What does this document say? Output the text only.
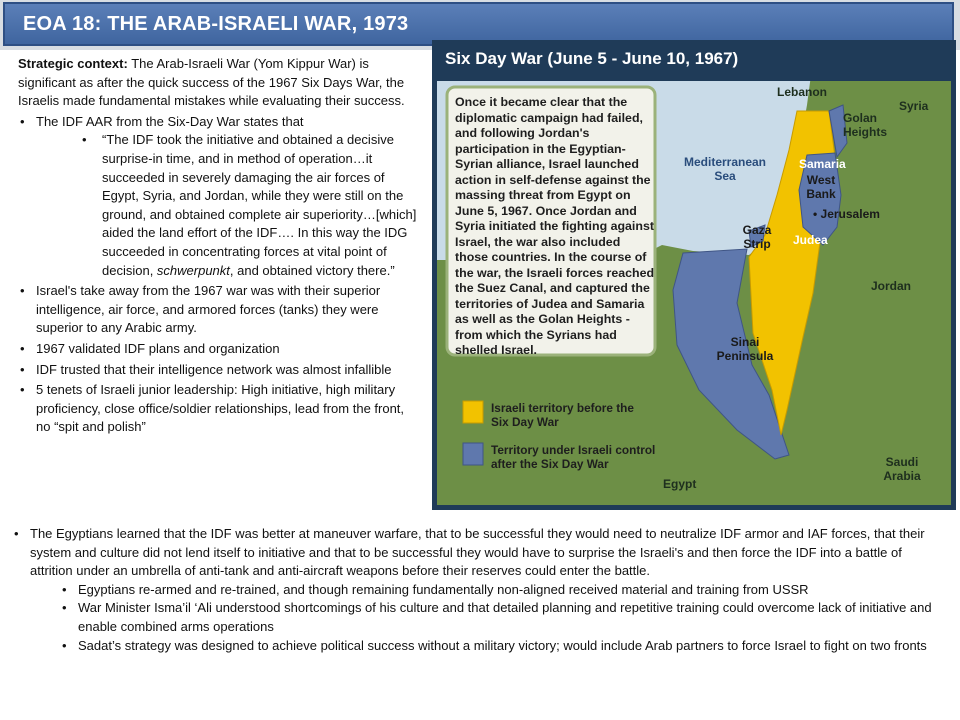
EOA 18: THE ARAB-ISRAELI WAR, 1973

Strategic context: The Arab-Israeli War (Yom Kippur War) is significant as after the quick success of the 1967 Six Days War, the Israelis made fundamental mistakes while evaluating their success.

• The IDF AAR from the Six-Day War states that
• “The IDF took the initiative and obtained a decisive surprise-in time, and in method of operation…it succeeded in severely damaging the air forces of Egypt, Syria, and Jordan, while they were still on the ground, and obtained complete air superiority…[which] aided the land effort of the IDF…. In this way the IDG succeeded in concentrating forces at vital point of decision, schwerpunkt, and obtained victory there.”
• Israel's take away from the 1967 war was with their superior intelligence, air force, and armored forces (tanks) they were superior to any Arabic army.
• 1967 validated IDF plans and organization
• IDF trusted that their intelligence network was almost infallible
• 5 tenets of Israeli junior leadership: High initiative, high military proficiency, close office/soldier relationships, lead from the front, no “spit and polish”
Six Day War (June 5 - June 10, 1967)
Once it became clear that the diplomatic campaign had failed, and following Jordan's participation in the Egyptian-Syrian alliance, Israel launched action in self-defense against the massing threat from Egypt on June 5, 1967. Once Jordan and Syria initiated the fighting against Israel, the war also included those countries. In the course of the war, the Israeli forces reached the Suez Canal, and captured the territories of Judea and Samaria as well as the Golan Heights - from which the Syrians had shelled Israel.
Lebanon
Syria
Golan Heights
Mediterranean Sea
Samaria
West Bank
• Jerusalem
Gaza Strip	Judea
Jordan
Sinai Peninsula
Saudi Arabia
Egypt
Israeli territory before the Six Day War
Territory under Israeli control after the Six Day War
• The Egyptians learned that the IDF was better at maneuver warfare, that to be successful they would need to neutralize IDF armor and IAF forces, that their system and culture did not lend itself to initiative and that to be successful they would have to surprise the Israeli's and then force the IDF into a battle of attrition under an umbrella of anti-tank and anti-aircraft weapons before their reserves could enter the battle.
• Egyptians re-armed and re-trained, and though remaining fundamentally non-aligned received material and training from USSR
• War Minister Isma’il ‘Ali understood shortcomings of his culture and that detailed planning and repetitive training could overcome lack of initiative and enable combined arms operations
• Sadat’s strategy was designed to achieve political success without a military victory; would include Arab partners to force Israel to fight on two fronts
